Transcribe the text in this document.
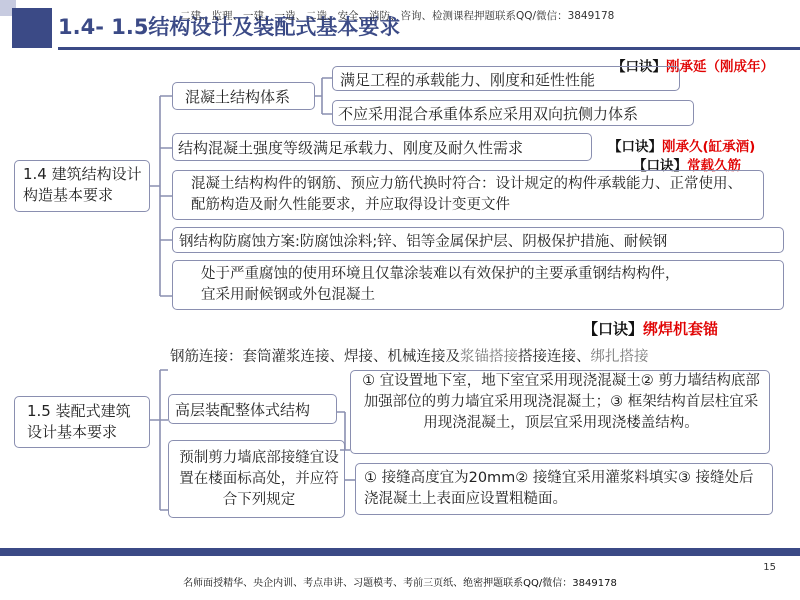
1.4- 1.5结构设计及装配式基本要求
二建、监理、一建、一造、二造、安全、消防、咨询、检测课程押题联系QQ/微信：3849178
【口诀】刚承延（刚成年）
【口诀】刚承久(缸承酒)
【口诀】常载久筋
【口诀】绑焊机套锚
1.4 建筑结构设计构造基本要求
混凝土结构体系
满足工程的承载能力、刚度和延性性能
不应采用混合承重体系应采用双向抗侧力体系
结构混凝土强度等级满足承载力、刚度及耐久性需求
混凝土结构构件的钢筋、预应力筋代换时符合：设计规定的构件承载能力、正常使用、配筋构造及耐久性能要求，并应取得设计变更文件
钢结构防腐蚀方案:防腐蚀涂料;锌、铝等金属保护层、阴极保护措施、耐候钢
处于严重腐蚀的使用环境且仅靠涂装难以有效保护的主要承重钢结构构件，宜采用耐候钢或外包混凝土
1.5 装配式建筑设计基本要求
钢筋连接：套筒灌浆连接、焊接、机械连接及浆锚搭接搭接连接、绑扎搭接
高层装配整体式结构
① 宜设置地下室，地下室宜采用现浇混凝土② 剪力墙结构底部加强部位的剪力墙宜采用现浇混凝土；③ 框架结构首层柱宜采用现浇混凝土，顶层宜采用现浇楼盖结构。
预制剪力墙底部接缝宜设置在楼面标高处，并应符合下列规定
① 接缝高度宜为20mm② 接缝宜采用灌浆料填实③ 接缝处后浇混凝土上表面应设置粗糙面。
15
名师面授精华、央企内训、考点串讲、习题模考、考前三页纸、绝密押题联系QQ/微信：3849178
